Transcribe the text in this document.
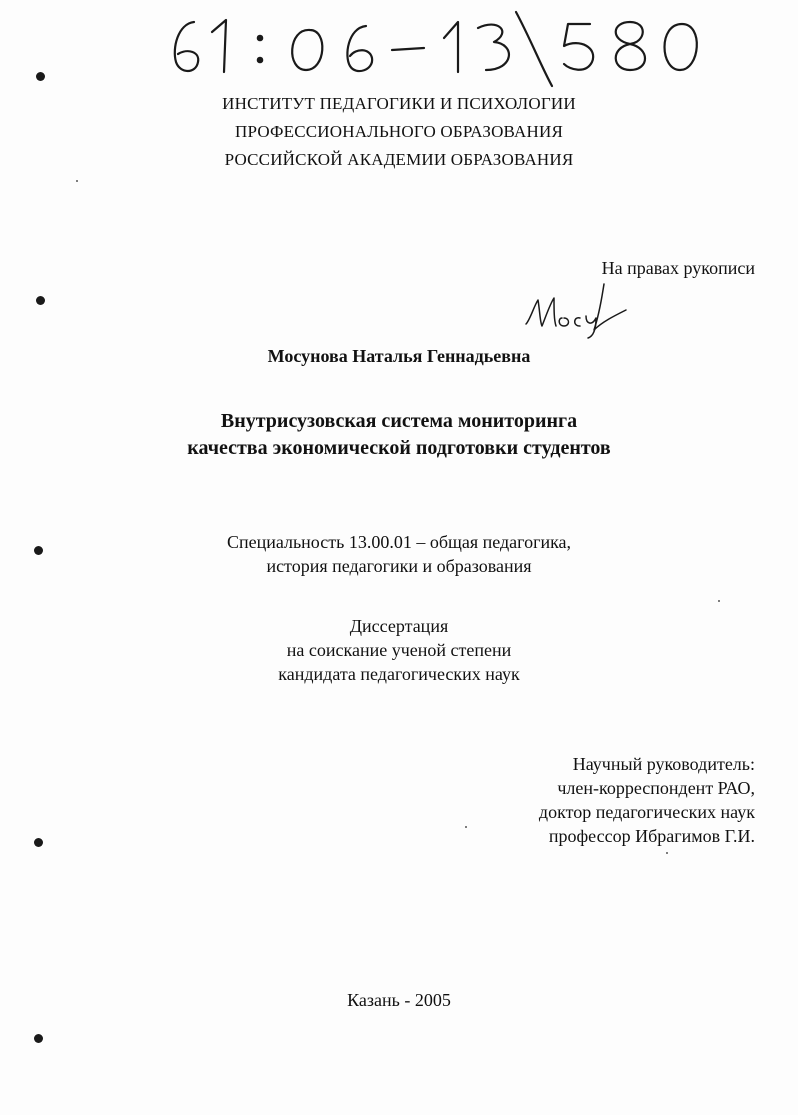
ИНСТИТУТ ПЕДАГОГИКИ И ПСИХОЛОГИИ
ПРОФЕССИОНАЛЬНОГО ОБРАЗОВАНИЯ
РОССИЙСКОЙ АКАДЕМИИ ОБРАЗОВАНИЯ
На правах рукописи
Мосунова Наталья Геннадьевна
Внутрисузовская система мониторинга
качества экономической подготовки студентов
Специальность 13.00.01 – общая педагогика,
история педагогики и образования
Диссертация
на соискание ученой степени
кандидата педагогических наук
Научный руководитель:
член-корреспондент РАО,
доктор педагогических наук
профессор Ибрагимов Г.И.
Казань - 2005
